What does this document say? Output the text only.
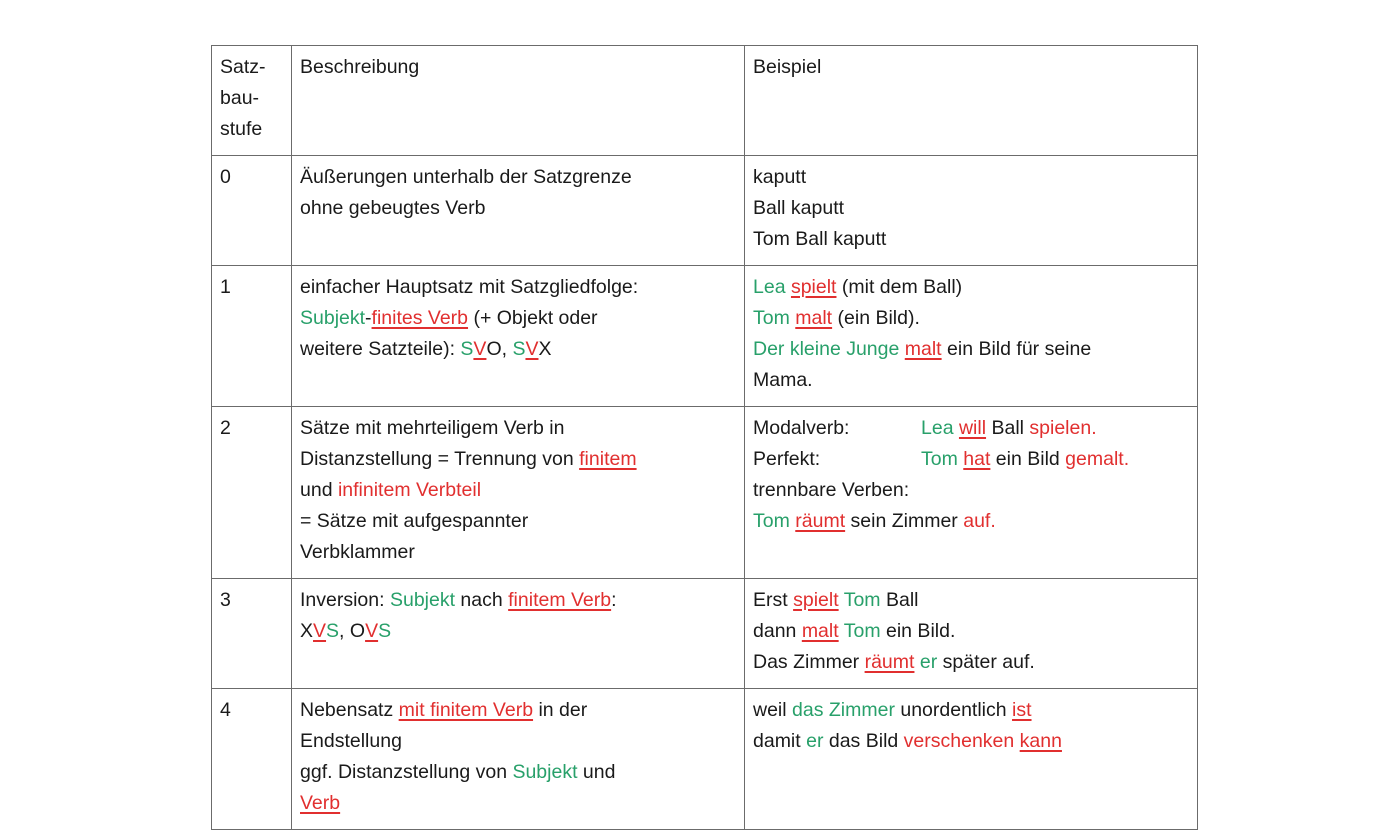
Satz-
bau-
stufe	Beschreibung	Beispiel
0	Äußerungen unterhalb der Satzgrenze
ohne gebeugtes Verb	kaputt
Ball kaputt
Tom Ball kaputt

1	einfacher Hauptsatz mit Satzgliedfolge:
Subjekt-finites Verb (+ Objekt oder
weitere Satzteile): SVO, SVX	Lea spielt (mit dem Ball)
Tom malt (ein Bild).
Der kleine Junge malt ein Bild für seine
Mama.

2	Sätze mit mehrteiligem Verb in
Distanzstellung = Trennung von finitem
und infinitem Verbteil
= Sätze mit aufgespannter
Verbklammer	Modalverb: Lea will Ball spielen.
Perfekt: Tom hat ein Bild gemalt.
trennbare Verben:
Tom räumt sein Zimmer auf.

3	Inversion: Subjekt nach finitem Verb:
XVS, OVS	Erst spielt Tom Ball
dann malt Tom ein Bild.
Das Zimmer räumt er später auf.

4	Nebensatz mit finitem Verb in der
Endstellung
ggf. Distanzstellung von Subjekt und
Verb	weil das Zimmer unordentlich ist
damit er das Bild verschenken kann
